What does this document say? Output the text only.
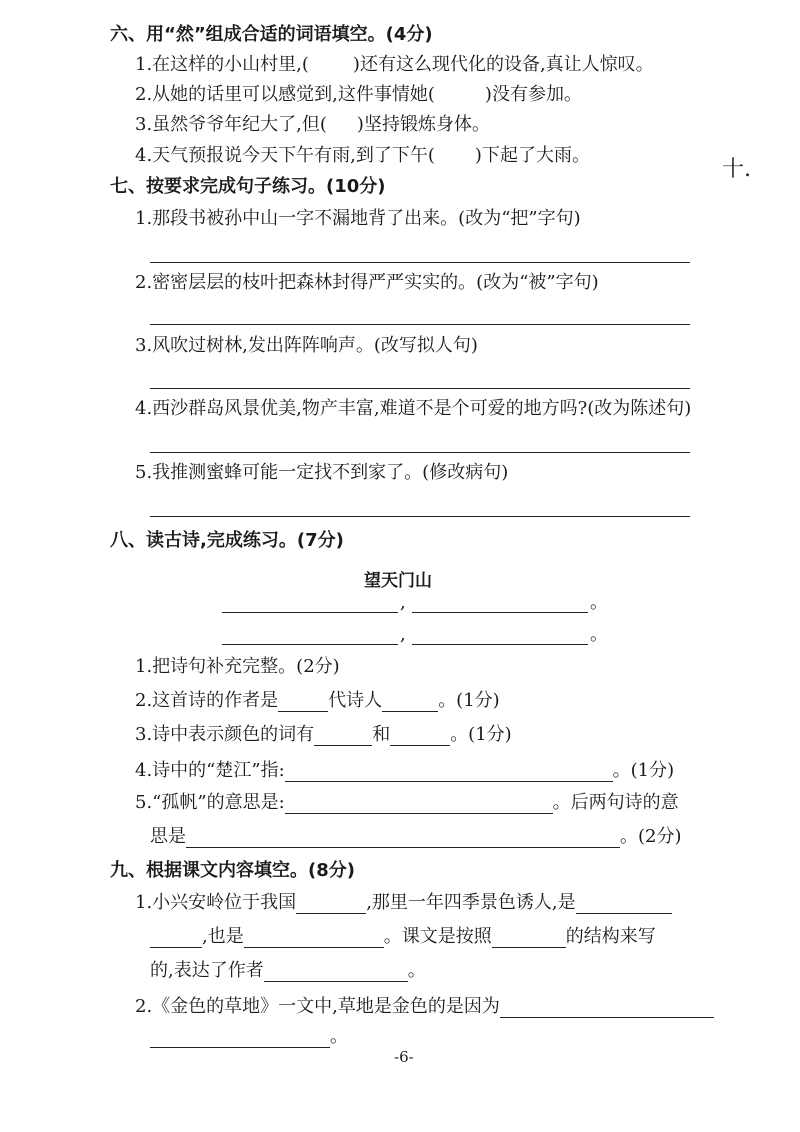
六、用“然”组成合适的词语填空。(4分)
1.在这样的小山村里,( )还有这么现代化的设备,真让人惊叹。
2.从她的话里可以感觉到,这件事情她(	)没有参加。
3.虽然爷爷年纪大了,但( )坚持锻炼身体。
4.天气预报说今天下午有雨,到了下午( )下起了大雨。
十.
七、按要求完成句子练习。(10分)
1.那段书被孙中山一字不漏地背了出来。(改为“把”字句)
2.密密层层的枝叶把森林封得严严实实的。(改为“被”字句)
3.风吹过树林,发出阵阵响声。(改写拟人句)
4.西沙群岛风景优美,物产丰富,难道不是个可爱的地方吗?(改为陈述句)
5.我推测蜜蜂可能一定找不到家了。(修改病句)
八、读古诗,完成练习。(7分)
望天门山
,	。
,	。
1.把诗句补充完整。(2分)
2.这首诗的作者是	代诗人	。(1分)
3.诗中表示颜色的词有	和	。(1分)
4.诗中的“楚江”指:	。(1分)
5.“孤帆”的意思是:	。后两句诗的意
思是	。(2分)
九、根据课文内容填空。(8分)
1.小兴安岭位于我国	,那里一年四季景色诱人,是
,也是	。课文是按照	的结构来写
的,表达了作者	。
2.《金色的草地》一文中,草地是金色的是因为
。
-6-
